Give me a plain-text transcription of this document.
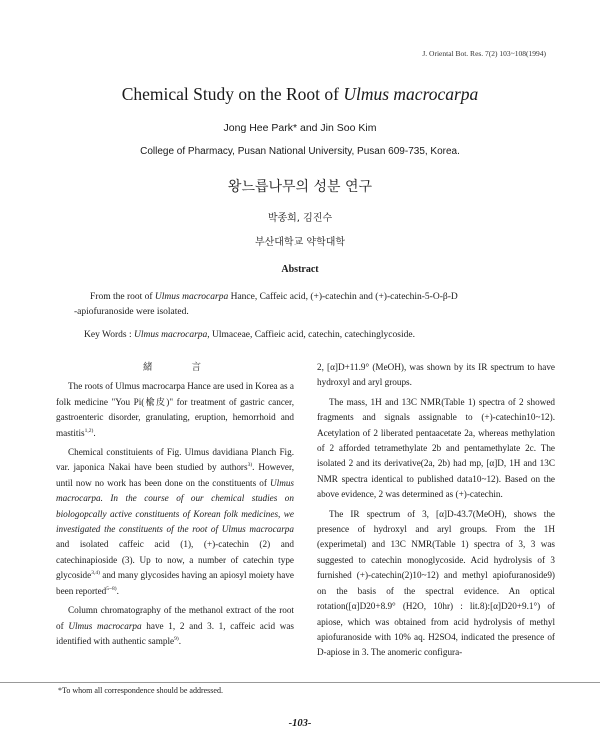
J. Oriental Bot. Res. 7(2) 103~108(1994)
Chemical Study on the Root of Ulmus macrocarpa
Jong Hee Park* and Jin Soo Kim
College of Pharmacy, Pusan National University, Pusan 609-735, Korea.
왕느릅나무의 성분 연구
박종희, 김진수
부산대학교 약학대학
Abstract

From the root of Ulmus macrocarpa Hance, Caffeic acid, (+)-catechin and (+)-catechin-5-O-β-D

-apiofuranoside were isolated.

Key Words : Ulmus macrocarpa, Ulmaceae, Caffieic acid, catechin, catechinglycoside.

緒 言

The roots of Ulmus macrocarpa Hance are used in Korea as a folk medicine "You Pi(楡皮)" for treatment of gastric cancer, gastroenteric disorder, granulating, eruption, hemorrhoid and mastitis$^{1,2)}$.

Chemical constituients of Fig. Ulmus davidiana Planch Fig. var. japonica Nakai have been studied by authors$^{3)}$. However, until now no work has been done on the constituents of Ulmus macrocarpa. In the course of our chemical studies on biologopcally active constituents of Korean folk medicines, we investigated the constituents of the root of Ulmus macrocarpa and isolated caffeic acid (1), (+)-catechin (2) and catechinapioside (3). Up to now, a number of catechin type glycoside$^{3,4)}$ and many glycosides having an apiosyl moiety have been reported$^{5\sim 8)}$.

Column chromatography of the methanol extract of the root of Ulmus macrocarpa have 1, 2 and 3. 1, caffeic acid was identified with authentic sample$^{9)}$.

2, [α]D+11.9° (MeOH), was shown by its IR spectrum to have hydroxyl and aryl groups.

The mass, 1H and 13C NMR(Table 1) spectra of 2 showed fragments and signals assignable to (+)-catechin10~12). Acetylation of 2 liberated pentaacetate 2a, whereas methylation of 2 afforded tetramethylate 2b and pentamethylate 2c. The isolated 2 and its derivative(2a, 2b) had mp, [α]D, 1H and 13C NMR spectra identical to published data10~12). Based on the above evidence, 2 was determined as (+)-catechin.

The IR spectrum of 3, [α]D-43.7(MeOH), shows the presence of hydroxyl and aryl groups. From the 1H (experimetal) and 13C NMR(Table 1) spectra of 3, 3 was suggested to catechin monoglycoside. Acid hydrolysis of 3 furnished (+)-catechin(2)10~12) and methyl apiofuranoside9) on the basis of the spectral evidence. An optical rotation([α]D20+8.9° (H2O, 10hr) : lit.8):[α]D20+9.1°) of apiose, which was obtained from acid hydrolysis of methyl apiofuranoside with 10% aq. H2SO4, indicated the presence of D-apiose in 3. The anomeric configura-

*To whom all correspondence should be addressed.
-103-
